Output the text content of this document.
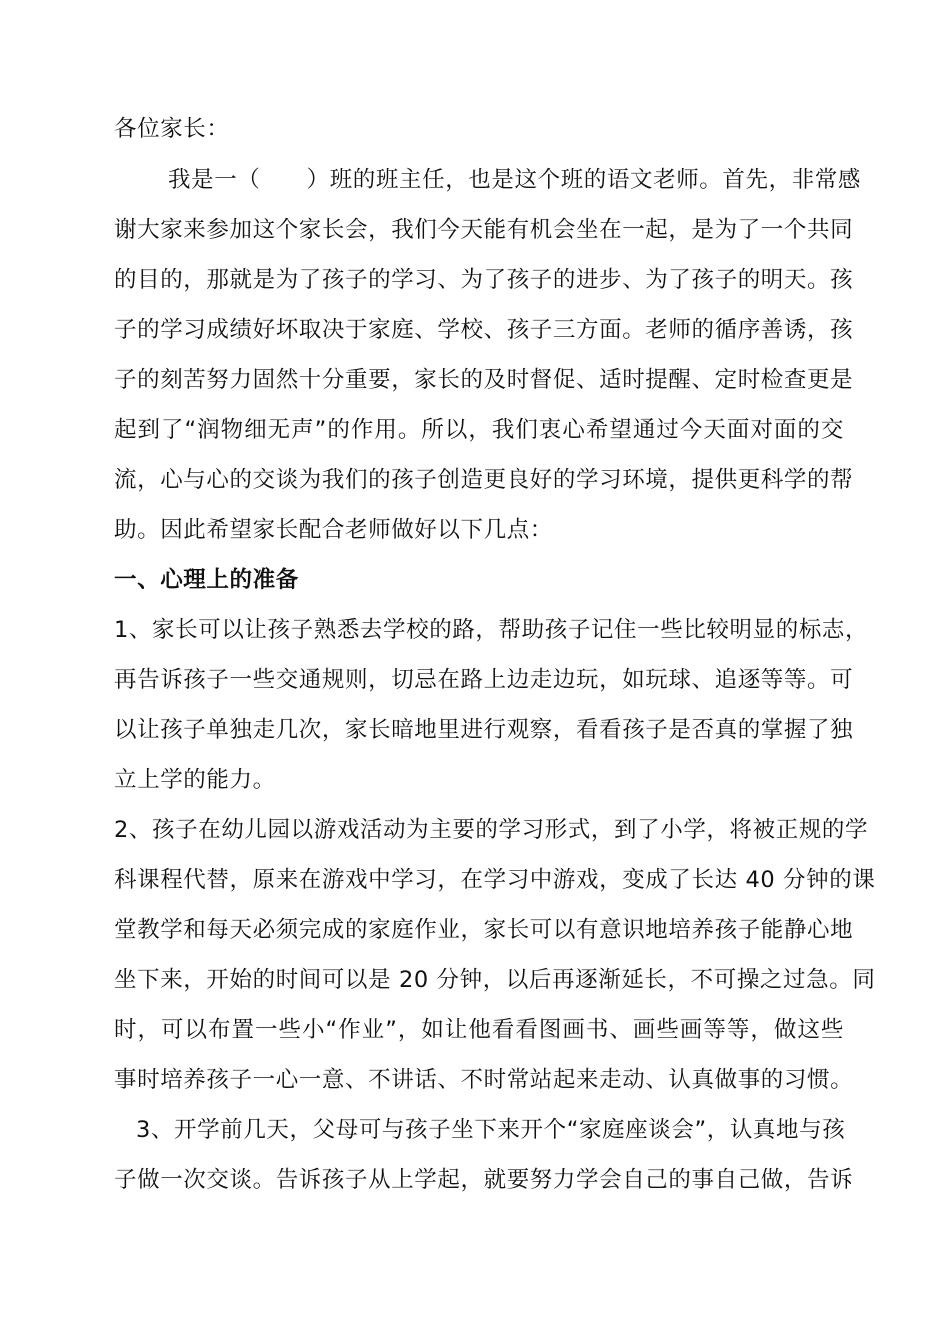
各位家长：
我是一（　　）班的班主任，也是这个班的语文老师。首先，非常感
谢大家来参加这个家长会，我们今天能有机会坐在一起，是为了一个共同
的目的，那就是为了孩子的学习、为了孩子的进步、为了孩子的明天。孩
子的学习成绩好坏取决于家庭、学校、孩子三方面。老师的循序善诱，孩
子的刻苦努力固然十分重要，家长的及时督促、适时提醒、定时检查更是
起到了“润物细无声”的作用。所以，我们衷心希望通过今天面对面的交
流，心与心的交谈为我们的孩子创造更良好的学习环境，提供更科学的帮
助。因此希望家长配合老师做好以下几点：
一、心理上的准备
1、家长可以让孩子熟悉去学校的路，帮助孩子记住一些比较明显的标志，
再告诉孩子一些交通规则，切忌在路上边走边玩，如玩球、追逐等等。可
以让孩子单独走几次，家长暗地里进行观察，看看孩子是否真的掌握了独
立上学的能力。
2、孩子在幼儿园以游戏活动为主要的学习形式，到了小学，将被正规的学
科课程代替，原来在游戏中学习，在学习中游戏，变成了长达 40 分钟的课
堂教学和每天必须完成的家庭作业，家长可以有意识地培养孩子能静心地
坐下来，开始的时间可以是 20 分钟，以后再逐渐延长，不可操之过急。同
时，可以布置一些小“作业”，如让他看看图画书、画些画等等，做这些
事时培养孩子一心一意、不讲话、不时常站起来走动、认真做事的习惯。
3、开学前几天，父母可与孩子坐下来开个“家庭座谈会”，认真地与孩
子做一次交谈。告诉孩子从上学起，就要努力学会自己的事自己做，告诉
